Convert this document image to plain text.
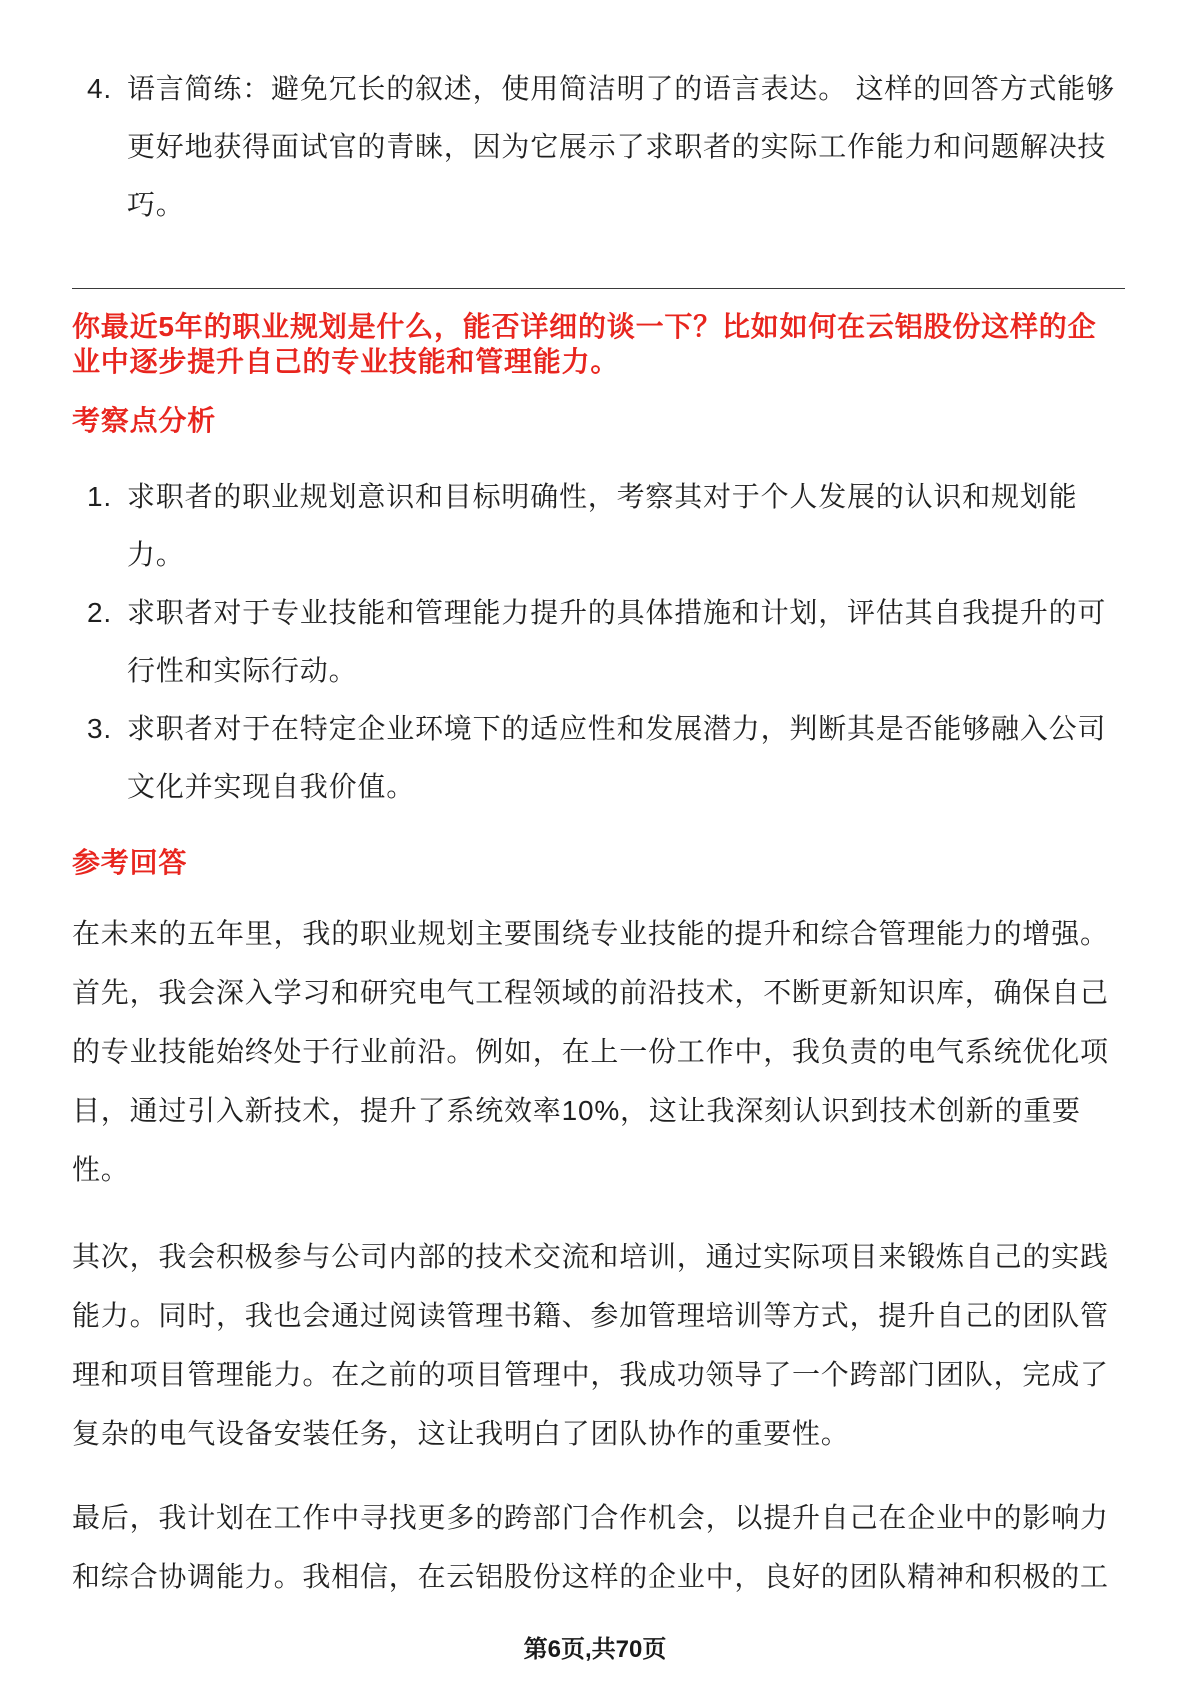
4. 语言简练：避免冗长的叙述，使用简洁明了的语言表达。 这样的回答方式能够更好地获得面试官的青睐，因为它展示了求职者的实际工作能力和问题解决技巧。
你最近5年的职业规划是什么，能否详细的谈一下？比如如何在云铝股份这样的企业中逐步提升自己的专业技能和管理能力。
考察点分析
1. 求职者的职业规划意识和目标明确性，考察其对于个人发展的认识和规划能力。
2. 求职者对于专业技能和管理能力提升的具体措施和计划，评估其自我提升的可行性和实际行动。
3. 求职者对于在特定企业环境下的适应性和发展潜力，判断其是否能够融入公司文化并实现自我价值。
参考回答

在未来的五年里，我的职业规划主要围绕专业技能的提升和综合管理能力的增强。首先，我会深入学习和研究电气工程领域的前沿技术，不断更新知识库，确保自己的专业技能始终处于行业前沿。例如，在上一份工作中，我负责的电气系统优化项目，通过引入新技术，提升了系统效率10%，这让我深刻认识到技术创新的重要性。

其次，我会积极参与公司内部的技术交流和培训，通过实际项目来锻炼自己的实践能力。同时，我也会通过阅读管理书籍、参加管理培训等方式，提升自己的团队管理和项目管理能力。在之前的项目管理中，我成功领导了一个跨部门团队，完成了复杂的电气设备安装任务，这让我明白了团队协作的重要性。

最后，我计划在工作中寻找更多的跨部门合作机会，以提升自己在企业中的影响力和综合协调能力。我相信，在云铝股份这样的企业中，良好的团队精神和积极的工

第6页,共70页
